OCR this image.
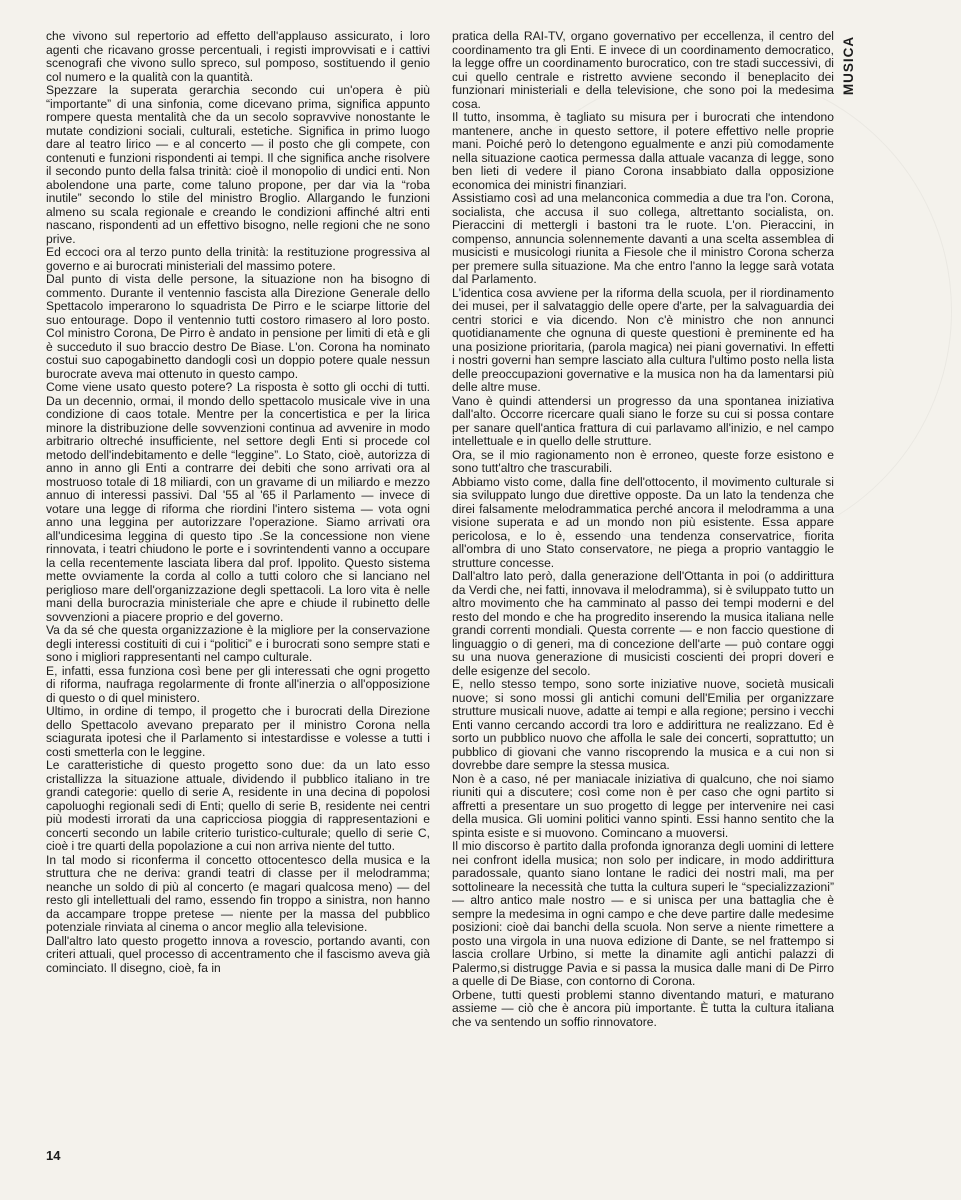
che vivono sul repertorio ad effetto dell'applauso assicurato, i loro agenti che ricavano grosse percentuali, i registi improvvisati e i cattivi scenografi che vivono sullo spreco, sul pomposo, sostituendo il genio col numero e la qualità con la quantità.

Spezzare la superata gerarchia secondo cui un'opera è più “importante” di una sinfonia, come dicevano prima, significa appunto rompere questa mentalità che da un secolo sopravvive nonostante le mutate condizioni sociali, culturali, estetiche. Significa in primo luogo dare al teatro lirico — e al concerto — il posto che gli compete, con contenuti e funzioni rispondenti ai tempi. Il che significa anche risolvere il secondo punto della falsa trinità: cioè il monopolio di undici enti. Non abolendone una parte, come taluno propone, per dar via la “roba inutile” secondo lo stile del ministro Broglio. Allargando le funzioni almeno su scala regionale e creando le condizioni affinché altri enti nascano, rispondenti ad un effettivo bisogno, nelle regioni che ne sono prive.

Ed eccoci ora al terzo punto della trinità: la restituzione progressiva al governo e ai burocrati ministeriali del massimo potere.

Dal punto di vista delle persone, la situazione non ha bisogno di commento. Durante il ventennio fascista alla Direzione Generale dello Spettacolo imperarono lo squadrista De Pirro e le sciarpe littorie del suo entourage. Dopo il ventennio tutti costoro rimasero al loro posto. Col ministro Corona, De Pirro è andato in pensione per limiti di età e gli è succeduto il suo braccio destro De Biase. L'on. Corona ha nominato costui suo capogabinetto dandogli così un doppio potere quale nessun burocrate aveva mai ottenuto in questo campo.

Come viene usato questo potere? La risposta è sotto gli occhi di tutti. Da un decennio, ormai, il mondo dello spettacolo musicale vive in una condizione di caos totale. Mentre per la concertistica e per la lirica minore la distribuzione delle sovvenzioni continua ad avvenire in modo arbitrario oltreché insufficiente, nel settore degli Enti si procede col metodo dell'indebitamento e delle “leggine”. Lo Stato, cioè, autorizza di anno in anno gli Enti a contrarre dei debiti che sono arrivati ora al mostruoso totale di 18 miliardi, con un gravame di un miliardo e mezzo annuo di interessi passivi. Dal '55 al '65 il Parlamento — invece di votare una legge di riforma che riordini l'intero sistema — vota ogni anno una leggina per autorizzare l'operazione. Siamo arrivati ora all'undicesima leggina di questo tipo .Se la concessione non viene rinnovata, i teatri chiudono le porte e i sovrintendenti vanno a occupare la cella recentemente lasciata libera dal prof. Ippolito. Questo sistema mette ovviamente la corda al collo a tutti coloro che si lanciano nel periglioso mare dell'organizzazione degli spettacoli. La loro vita è nelle mani della burocrazia ministeriale che apre e chiude il rubinetto delle sovvenzioni a piacere proprio e del governo.

Va da sé che questa organizzazione è la migliore per la conservazione degli interessi costituiti di cui i “politici” e i burocrati sono sempre stati e sono i migliori rappresentanti nel campo culturale.

E, infatti, essa funziona così bene per gli interessati che ogni progetto di riforma, naufraga regolarmente di fronte all'inerzia o all'opposizione di questo o di quel ministero.

Ultimo, in ordine di tempo, il progetto che i burocrati della Direzione dello Spettacolo avevano preparato per il ministro Corona nella sciagurata ipotesi che il Parlamento si intestardisse e volesse a tutti i costi smetterla con le leggine.

Le caratteristiche di questo progetto sono due: da un lato esso cristallizza la situazione attuale, dividendo il pubblico italiano in tre grandi categorie: quello di serie A, residente in una decina di popolosi capoluoghi regionali sedi di Enti; quello di serie B, residente nei centri più modesti irrorati da una capricciosa pioggia di rappresentazioni e concerti secondo un labile criterio turistico-culturale; quello di serie C, cioè i tre quarti della popolazione a cui non arriva niente del tutto.

In tal modo si riconferma il concetto ottocentesco della musica e la struttura che ne deriva: grandi teatri di classe per il melodramma; neanche un soldo di più al concerto (e magari qualcosa meno) — del resto gli intellettuali del ramo, essendo fin troppo a sinistra, non hanno da accampare troppe pretese — niente per la massa del pubblico potenziale rinviata al cinema o ancor meglio alla televisione.

Dall'altro lato questo progetto innova a rovescio, portando avanti, con criteri attuali, quel processo di accentramento che il fascismo aveva già cominciato. Il disegno, cioè, fa in

pratica della RAI-TV, organo governativo per eccellenza, il centro del coordinamento tra gli Enti. E invece di un coordinamento democratico, la legge offre un coordinamento burocratico, con tre stadi successivi, di cui quello centrale e ristretto avviene secondo il beneplacito dei funzionari ministeriali e della televisione, che sono poi la medesima cosa.

Il tutto, insomma, è tagliato su misura per i burocrati che intendono mantenere, anche in questo settore, il potere effettivo nelle proprie mani. Poiché però lo detengono egualmente e anzi più comodamente nella situazione caotica permessa dalla attuale vacanza di legge, sono ben lieti di vedere il piano Corona insabbiato dalla opposizione economica dei ministri finanziari.

Assistiamo così ad una melanconica commedia a due tra l'on. Corona, socialista, che accusa il suo collega, altrettanto socialista, on. Pieraccini di mettergli i bastoni tra le ruote. L'on. Pieraccini, in compenso, annuncia solennemente davanti a una scelta assemblea di musicisti e musicologi riunita a Fiesole che il ministro Corona scherza per premere sulla situazione. Ma che entro l'anno la legge sarà votata dal Parlamento.

L'identica cosa avviene per la riforma della scuola, per il riordinamento dei musei, per il salvataggio delle opere d'arte, per la salvaguardia dei centri storici e via dicendo. Non c'è ministro che non annunci quotidianamente che ognuna di queste questioni è preminente ed ha una posizione prioritaria, (parola magica) nei piani governativi. In effetti i nostri governi han sempre lasciato alla cultura l'ultimo posto nella lista delle preoccupazioni governative e la musica non ha da lamentarsi più delle altre muse.

Vano è quindi attendersi un progresso da una spontanea iniziativa dall'alto. Occorre ricercare quali siano le forze su cui si possa contare per sanare quell'antica frattura di cui parlavamo all'inizio, e nel campo intellettuale e in quello delle strutture.

Ora, se il mio ragionamento non è erroneo, queste forze esistono e sono tutt'altro che trascurabili.

Abbiamo visto come, dalla fine dell'ottocento, il movimento culturale si sia sviluppato lungo due direttive opposte. Da un lato la tendenza che direi falsamente melodrammatica perché ancora il melodramma a una visione superata e ad un mondo non più esistente. Essa appare pericolosa, e lo è, essendo una tendenza conservatrice, fiorita all'ombra di uno Stato conservatore, ne piega a proprio vantaggio le strutture concesse.

Dall'altro lato però, dalla generazione dell'Ottanta in poi (o addirittura da Verdi che, nei fatti, innovava il melodramma), si è sviluppato tutto un altro movimento che ha camminato al passo dei tempi moderni e del resto del mondo e che ha progredito inserendo la musica italiana nelle grandi correnti mondiali. Questa corrente — e non faccio questione di linguaggio o di generi, ma di concezione dell'arte — può contare oggi su una nuova generazione di musicisti coscienti dei propri doveri e delle esigenze del secolo.

E, nello stesso tempo, sono sorte iniziative nuove, società musicali nuove; si sono mossi gli antichi comuni dell'Emilia per organizzare strutture musicali nuove, adatte ai tempi e alla regione; persino i vecchi Enti vanno cercando accordi tra loro e addirittura ne realizzano. Ed è sorto un pubblico nuovo che affolla le sale dei concerti, soprattutto; un pubblico di giovani che vanno riscoprendo la musica e a cui non si dovrebbe dare sempre la stessa musica.

Non è a caso, né per maniacale iniziativa di qualcuno, che noi siamo riuniti qui a discutere; così come non è per caso che ogni partito si affretti a presentare un suo progetto di legge per intervenire nei casi della musica. Gli uomini politici vanno spinti. Essi hanno sentito che la spinta esiste e si muovono. Comincano a muoversi.

Il mio discorso è partito dalla profonda ignoranza degli uomini di lettere nei confront idella musica; non solo per indicare, in modo addirittura paradossale, quanto siano lontane le radici dei nostri mali, ma per sottolineare la necessità che tutta la cultura superi le “specializzazioni” — altro antico male nostro — e si unisca per una battaglia che è sempre la medesima in ogni campo e che deve partire dalle medesime posizioni: cioè dai banchi della scuola. Non serve a niente rimettere a posto una virgola in una nuova edizione di Dante, se nel frattempo si lascia crollare Urbino, si mette la dinamite agli antichi palazzi di Palermo,si distrugge Pavia e si passa la musica dalle mani di De Pirro a quelle di De Biase, con contorno di Corona.

Orbene, tutti questi problemi stanno diventando maturi, e maturano assieme — ciò che è ancora più importante. È tutta la cultura italiana che va sentendo un soffio rinnovatore.

MUSICA
14
